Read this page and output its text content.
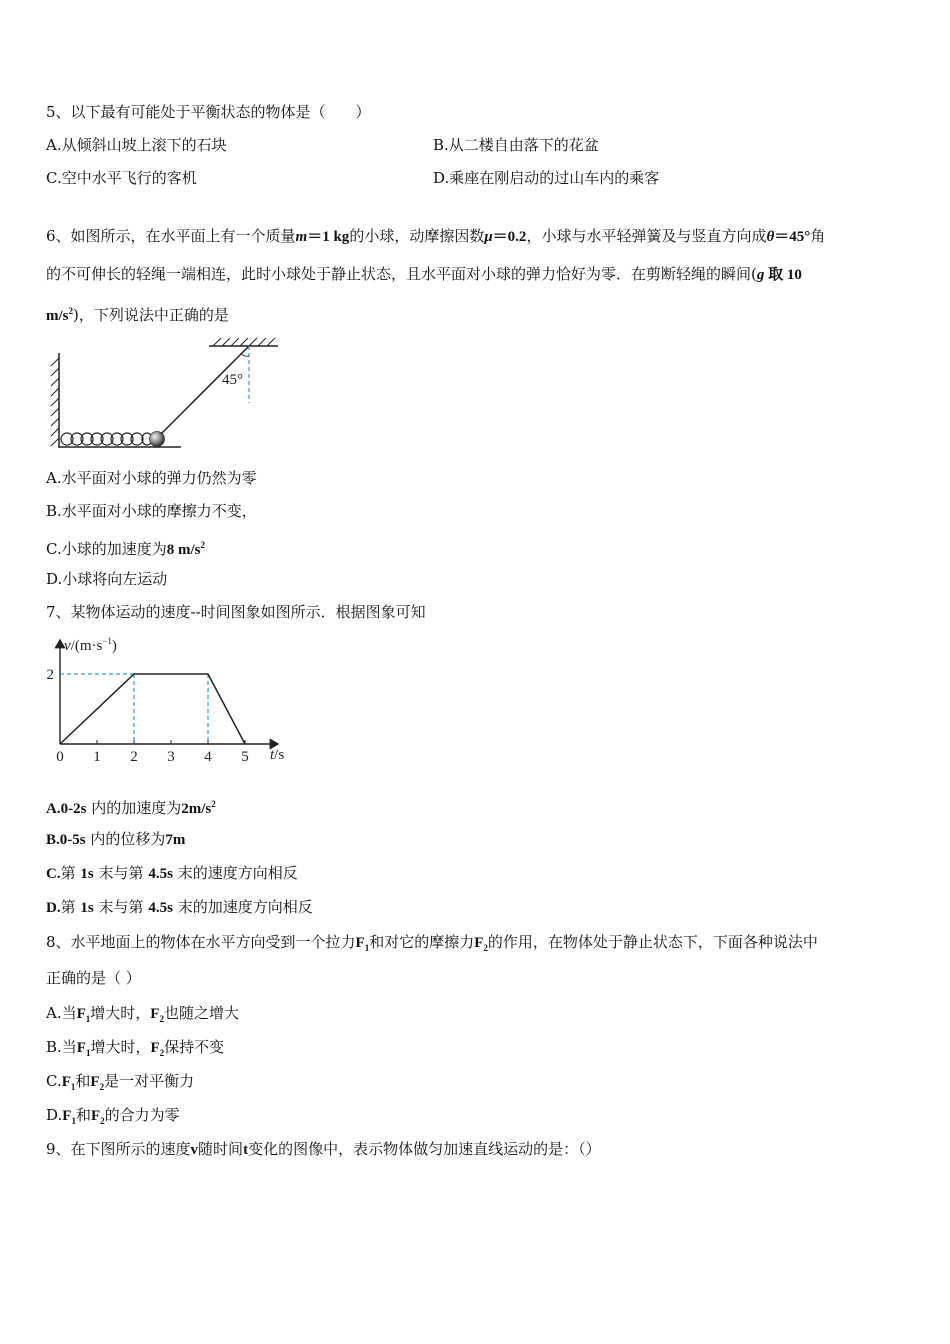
5、以下最有可能处于平衡状态的物体是（　　）
A.从倾斜山坡上滚下的石块	B.从二楼自由落下的花盆
C.空中水平飞行的客机	D.乘座在刚启动的过山车内的乘客
6、如图所示，在水平面上有一个质量m＝1 kg的小球，动摩擦因数μ＝0.2，小球与水平轻弹簧及与竖直方向成θ＝45°角
的不可伸长的轻绳一端相连，此时小球处于静止状态，且水平面对小球的弹力恰好为零．在剪断轻绳的瞬间(g 取 10
$m/s^2$)，下列说法中正确的是
45°
A.水平面对小球的弹力仍然为零
B.水平面对小球的摩擦力不变，
C.小球的加速度为8 $m/s^2$
D.小球将向左运动
7、某物体运动的速度--时间图象如图所示．根据图象可知
0 1 2 3 4 5
2
$v/(m\cdot s^{-1})$
t/s
A.0-2s 内的加速度为$2m/s^2$
B.0-5s 内的位移为7m
C.第 1s 末与第 4.5s 末的速度方向相反
D.第 1s 末与第 4.5s 末的加速度方向相反
8、水平地面上的物体在水平方向受到一个拉力$F_1$和对它的摩擦力$F_2$的作用，在物体处于静止状态下，下面各种说法中
正确的是（ ）
A.当$F_1$增大时，$F_2$也随之增大
B.当$F_1$增大时，$F_2$保持不变
$C.F_1$和$F_2$是一对平衡力
$D.F_1$和$F_2$的合力为零
9、在下图所示的速度v随时间t变化的图像中，表示物体做匀加速直线运动的是：（）
